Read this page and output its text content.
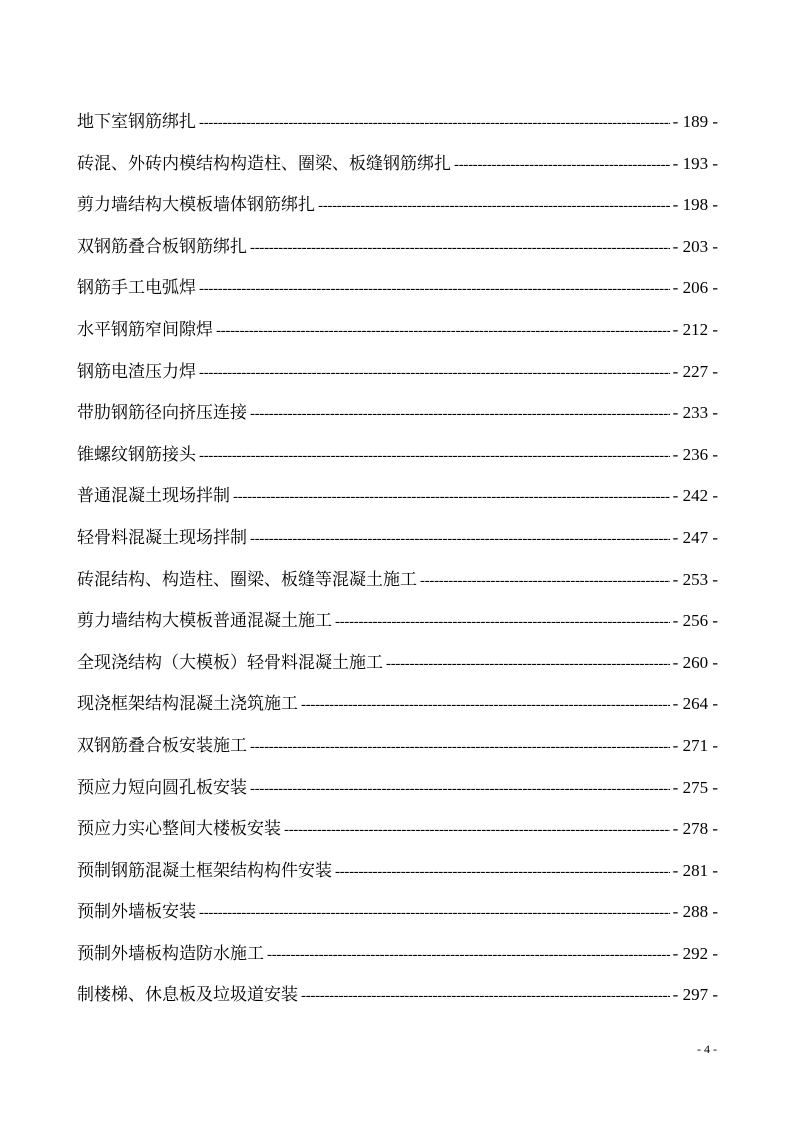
地下室钢筋绑扎 -----	- 189 -
砖混、外砖内模结构构造柱、圈梁、板缝钢筋绑扎 -----	- 193 -
剪力墙结构大模板墙体钢筋绑扎 -----	- 198 -
双钢筋叠合板钢筋绑扎 -----	- 203 -
钢筋手工电弧焊 -----	- 206 -
水平钢筋窄间隙焊 -----	- 212 -
钢筋电渣压力焊 -----	- 227 -
带肋钢筋径向挤压连接 -----	- 233 -
锥螺纹钢筋接头 -----	- 236 -
普通混凝土现场拌制 -----	- 242 -
轻骨料混凝土现场拌制 -----	- 247 -
砖混结构、构造柱、圈梁、板缝等混凝土施工 -----	- 253 -
剪力墙结构大模板普通混凝土施工 -----	- 256 -
全现浇结构（大模板）轻骨料混凝土施工 -----	- 260 -
现浇框架结构混凝土浇筑施工 -----	- 264 -
双钢筋叠合板安装施工 -----	- 271 -
预应力短向圆孔板安装 -----	- 275 -
预应力实心整间大楼板安装 -----	- 278 -
预制钢筋混凝土框架结构构件安装 -----	- 281 -
预制外墙板安装 -----	- 288 -
预制外墙板构造防水施工 -----	- 292 -
制楼梯、休息板及垃圾道安装 -----	- 297 -
- 4 -
